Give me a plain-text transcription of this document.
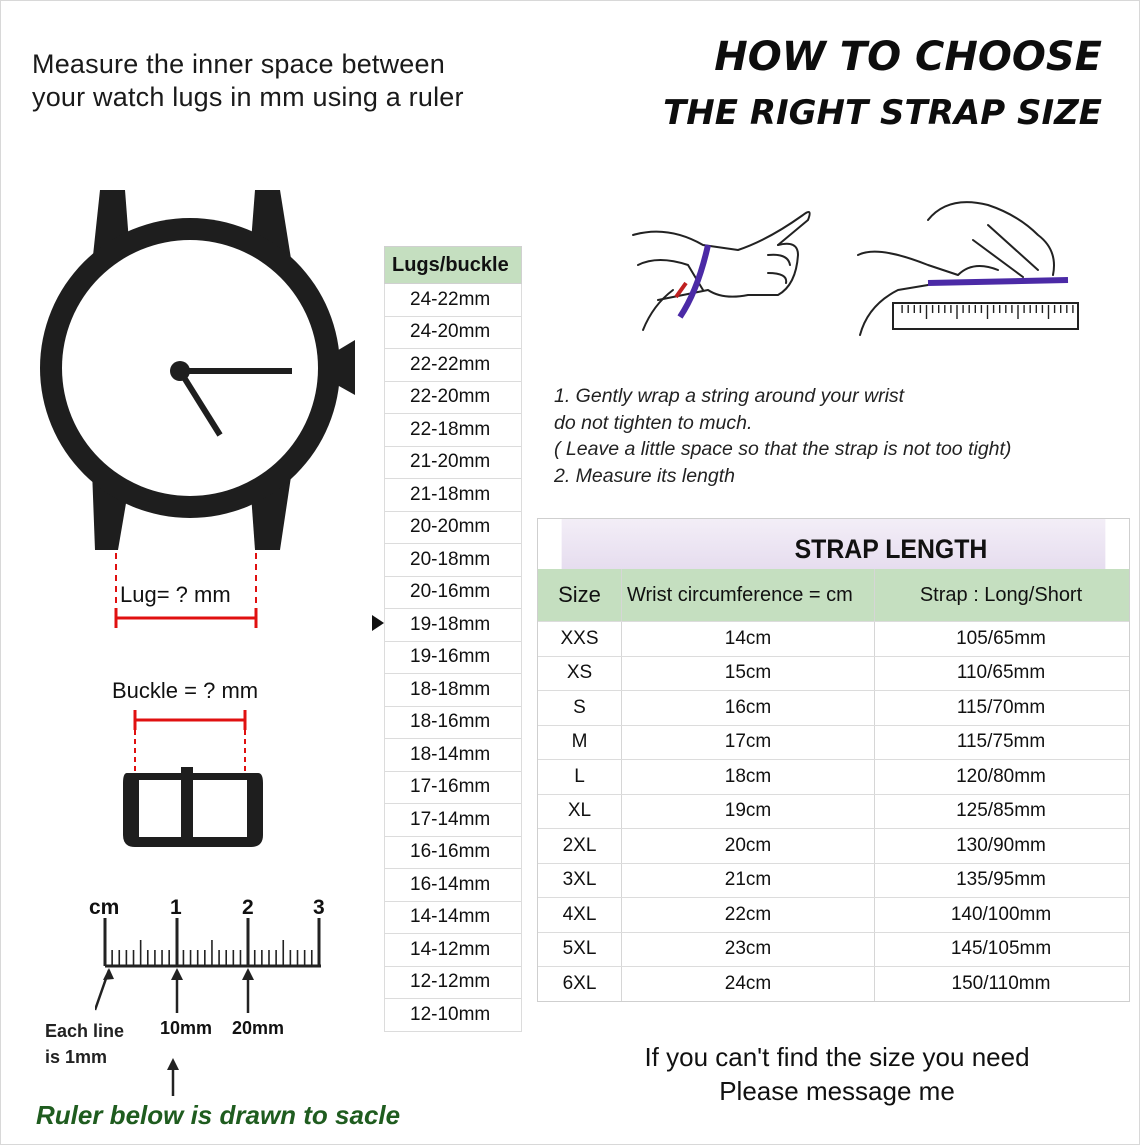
Measure the inner space between
your watch lugs in mm using a ruler
HOW TO CHOOSE
THE RIGHT STRAP SIZE
Lug= ? mm
Buckle = ? mm
cm 1	2	3
Each line
is 1mm
10mm 20mm
Ruler below is drawn to sacle
Lugs/buckle
24-22mm
24-20mm
22-22mm
22-20mm
22-18mm
21-20mm
21-18mm
20-20mm
20-18mm
20-16mm
19-18mm
19-16mm
18-18mm
18-16mm
18-14mm
17-16mm
17-14mm
16-16mm
16-14mm
14-14mm
14-12mm
12-12mm
12-10mm
1. Gently wrap a string around your wrist
do not tighten to much.
( Leave a little space so that the strap is not too tight)
2. Measure its length
STRAP LENGTH
Size	Wrist circumference = cm	Strap : Long/Short
XXS	14cm	105/65mm
XS	15cm	110/65mm
S	16cm	115/70mm
M	17cm	115/75mm
L	18cm	120/80mm
XL	19cm	125/85mm
2XL	20cm	130/90mm
3XL	21cm	135/95mm
4XL	22cm	140/100mm
5XL	23cm	145/105mm
6XL	24cm	150/110mm
If you can't find the size you need
Please message me
